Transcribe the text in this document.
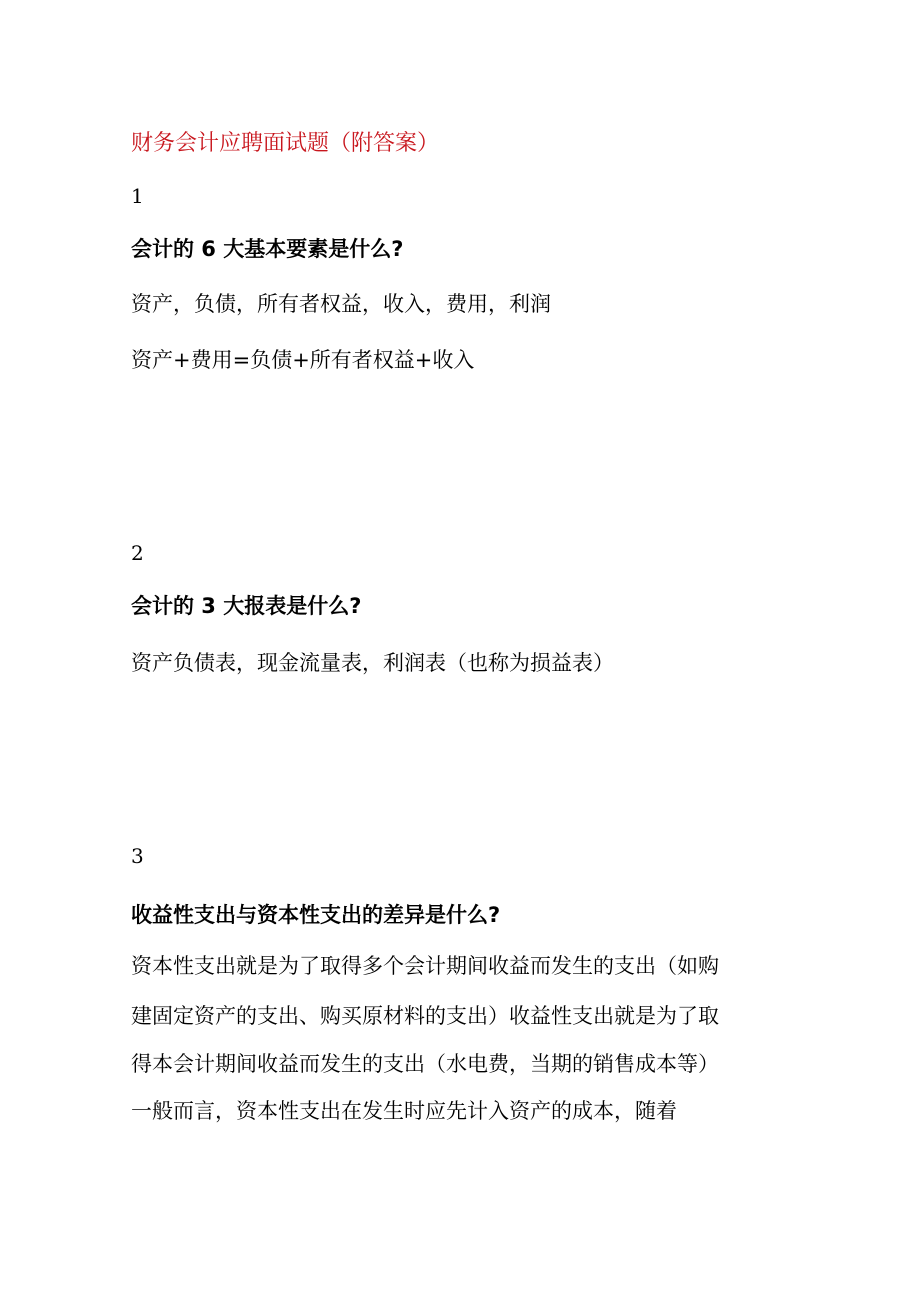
财务会计应聘面试题（附答案）
1
会计的 6 大基本要素是什么?
资产，负债，所有者权益，收入，费用，利润
资产+费用=负债+所有者权益+收入
2
会计的 3 大报表是什么?
资产负债表，现金流量表，利润表（也称为损益表）
3
收益性支出与资本性支出的差异是什么?
资本性支出就是为了取得多个会计期间收益而发生的支出（如购
建固定资产的支出、购买原材料的支出）收益性支出就是为了取
得本会计期间收益而发生的支出（水电费，当期的销售成本等）
一般而言，资本性支出在发生时应先计入资产的成本，随着
